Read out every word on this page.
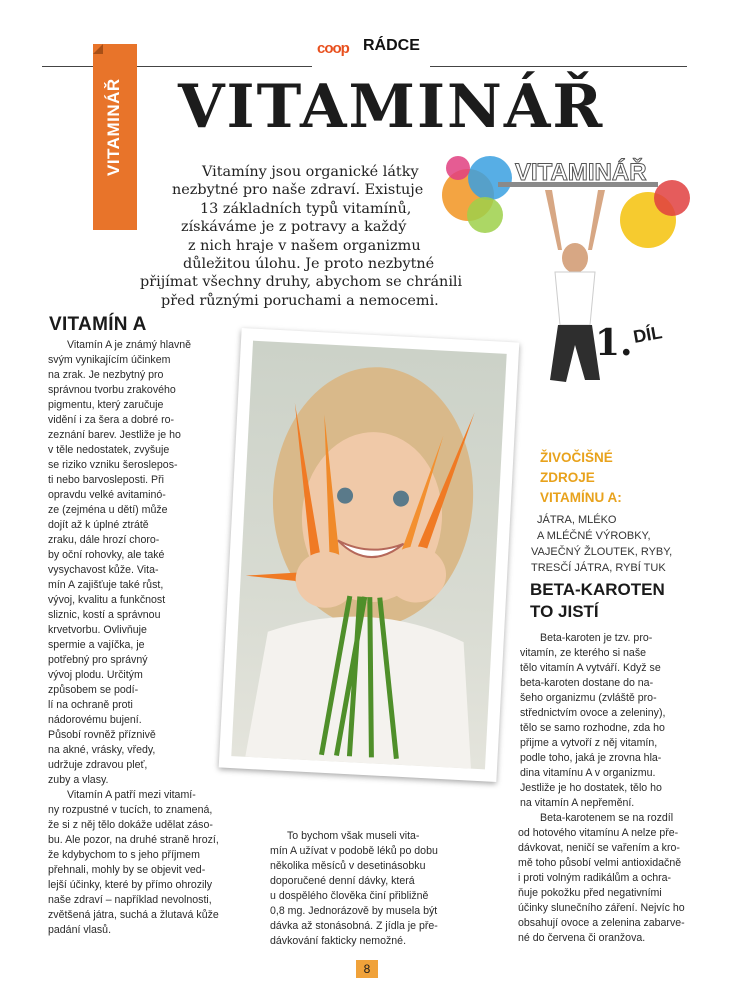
coop RÁDCE
VITAMINÁŘ VITAMINÁŘ
Vitamíny jsou organické látky
nezbytné pro naše zdraví. Existuje
13 základních typů vitamínů,
získáváme je z potravy a každý
z nich hraje v našem organizmu
důležitou úlohu. Je proto nezbytné
přijímat všechny druhy, abychom se chránili
před různými poruchami a nemocemi.
VITAMINÁŘ
1. DÍL
VITAMÍN A
Vitamín A je známý hlavně
svým vynikajícím účinkem
na zrak. Je nezbytný pro
správnou tvorbu zrakového
pigmentu, který zaručuje
vidění i za šera a dobré ro-
zeznání barev. Jestliže je ho
v těle nedostatek, zvyšuje
se riziko vzniku šeroslepos-
ti nebo barvosleposti. Při
opravdu velké avitaminó-
ze (zejména u dětí) může
dojít až k úplné ztrátě
zraku, dále hrozí choro-
by oční rohovky, ale také
vysychavost kůže. Vita-
mín A zajišťuje také růst,
vývoj, kvalitu a funkčnost
sliznic, kostí a správnou
krvetvorbu. Ovlivňuje
spermie a vajíčka, je
potřebný pro správný
vývoj plodu. Určitým
způsobem se podí-
lí na ochraně proti
nádorovému bujení.
Působí rovněž příznivě
na akné, vrásky, vředy,
udržuje zdravou pleť,
zuby a vlasy.
Vitamín A patří mezi vitamí-
ny rozpustné v tucích, to znamená,
že si z něj tělo dokáže udělat záso-
bu. Ale pozor, na druhé straně hrozí,
že kdybychom to s jeho příjmem
přehnali, mohly by se objevit ved-
lejší účinky, které by přímo ohrozily
naše zdraví – například nevolnosti,
zvětšená játra, suchá a žlutavá kůže
padání vlasů.
To bychom však museli vita-
mín A užívat v podobě léků po dobu
několika měsíců v desetinásobku
doporučené denní dávky, která
u dospělého člověka činí přibližně
0,8 mg. Jednorázově by musela být
dávka až stonásobná. Z jídla je pře-
dávkování fakticky nemožné.
ŽIVOČIŠNÉ
ZDROJE
VITAMÍNU A:
JÁTRA, MLÉKO
A MLÉČNÉ VÝROBKY,
VAJEČNÝ ŽLOUTEK, RYBY,
TRESČÍ JÁTRA, RYBÍ TUK
BETA-KAROTEN
TO JISTÍ
Beta-karoten je tzv. pro-
vitamín, ze kterého si naše
tělo vitamín A vytváří. Když se
beta-karoten dostane do na-
šeho organizmu (zvláště pro-
střednictvím ovoce a zeleniny),
tělo se samo rozhodne, zda ho
přijme a vytvoří z něj vitamín,
podle toho, jaká je zrovna hla-
dina vitamínu A v organizmu.
Jestliže je ho dostatek, tělo ho
na vitamín A nepřemění.
Beta-karotenem se na rozdíl
od hotového vitamínu A nelze pře-
dávkovat, neničí se vařením a kro-
mě toho působí velmi antioxidačně
i proti volným radikálům a ochra-
ňuje pokožku před negativními
účinky slunečního záření. Nejvíc ho
obsahují ovoce a zelenina zabarve-
né do červena či oranžova.
8
